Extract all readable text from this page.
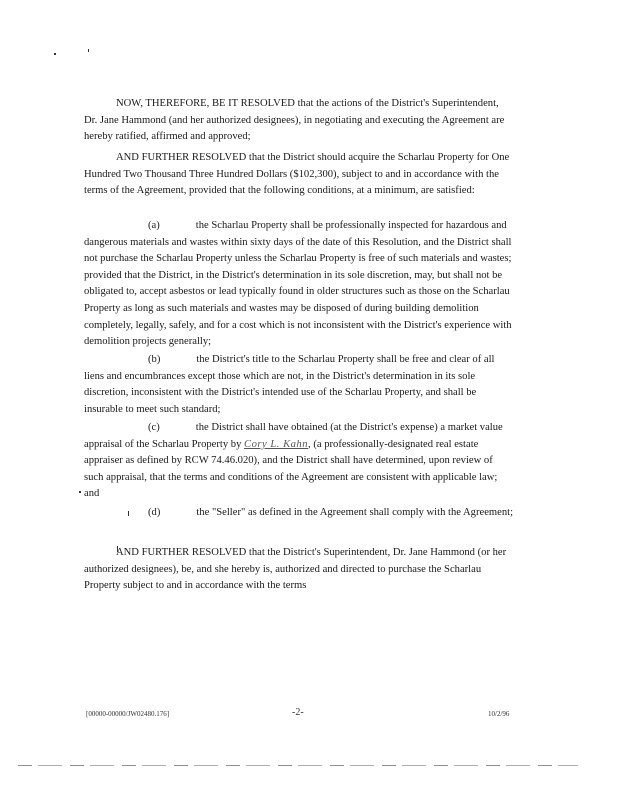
NOW, THEREFORE, BE IT RESOLVED that the actions of the District's Superintendent, Dr. Jane Hammond (and her authorized designees), in negotiating and executing the Agreement are hereby ratified, affirmed and approved;

AND FURTHER RESOLVED that the District should acquire the Scharlau Property for One Hundred Two Thousand Three Hundred Dollars ($102,300), subject to and in accordance with the terms of the Agreement, provided that the following conditions, at a minimum, are satisfied:

(a)	the Scharlau Property shall be professionally inspected for hazardous and dangerous materials and wastes within sixty days of the date of this Resolution, and the District shall not purchase the Scharlau Property unless the Scharlau Property is free of such materials and wastes; provided that the District, in the District's determination in its sole discretion, may, but shall not be obligated to, accept asbestos or lead typically found in older structures such as those on the Scharlau Property as long as such materials and wastes may be disposed of during building demolition completely, legally, safely, and for a cost which is not inconsistent with the District's experience with demolition projects generally;

(b)	the District's title to the Scharlau Property shall be free and clear of all liens and encumbrances except those which are not, in the District's determination in its sole discretion, inconsistent with the District's intended use of the Scharlau Property, and shall be insurable to meet such standard;

(c)	the District shall have obtained (at the District's expense) a market value appraisal of the Scharlau Property by Cory L. Kahn, (a professionally-designated real estate appraiser as defined by RCW 74.46.020), and the District shall have determined, upon review of such appraisal, that the terms and conditions of the Agreement are consistent with applicable law; and

(d)	the "Seller" as defined in the Agreement shall comply with the Agreement;

AND FURTHER RESOLVED that the District's Superintendent, Dr. Jane Hammond (or her authorized designees), be, and she hereby is, authorized and directed to purchase the Scharlau Property subject to and in accordance with the terms

[00000-00000/JW02480.176]	-2-	10/2/96
